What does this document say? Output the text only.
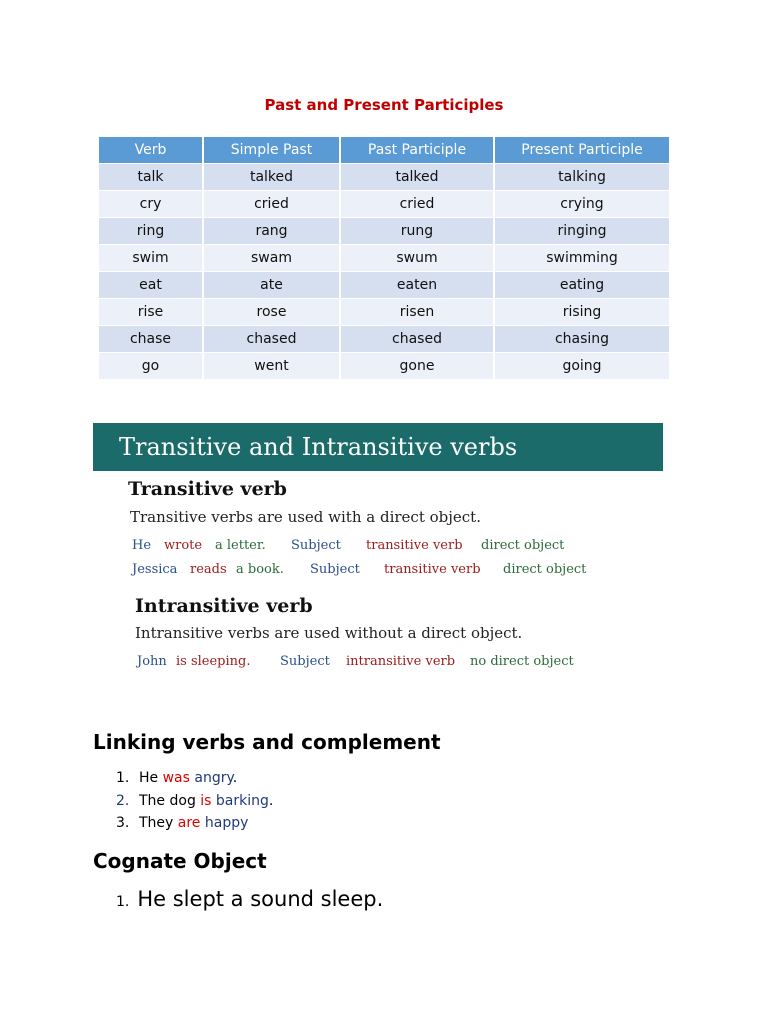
Past and Present Participles
Verb	Simple Past	Past Participle	Present Participle
talk	talked	talked	talking
cry	cried	cried	crying
ring	rang	rung	ringing
swim	swam	swum	swimming
eat	ate	eaten	eating
rise	rose	risen	rising
chase	chased	chased	chasing
go	went	gone	going
Transitive and Intransitive verbs

Transitive verb

Transitive verbs are used with a direct object.

He wrote a letter. Subject transitive verb direct object
Jessica reads a book. Subject transitive verb direct object

Intransitive verb

Intransitive verbs are used without a direct object.

John is sleeping. Subject intransitive verb no direct object
Linking verbs and complement
1. He was angry.
2. The dog is barking.
3. They are happy
Cognate Object
1. He slept a sound sleep.
